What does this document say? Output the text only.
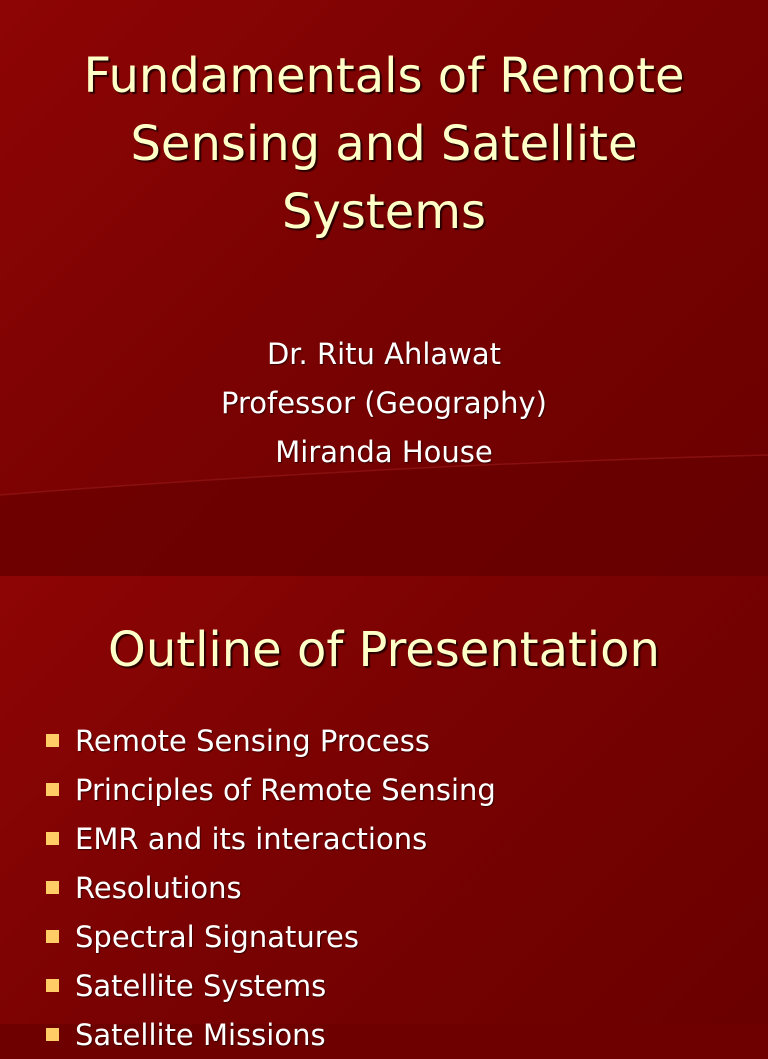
Fundamentals of Remote
Sensing and Satellite
Systems
Dr. Ritu Ahlawat
Professor (Geography)
Miranda House
Outline of Presentation
Remote Sensing Process
Principles of Remote Sensing
EMR and its interactions
Resolutions
Spectral Signatures
Satellite Systems
Satellite Missions
